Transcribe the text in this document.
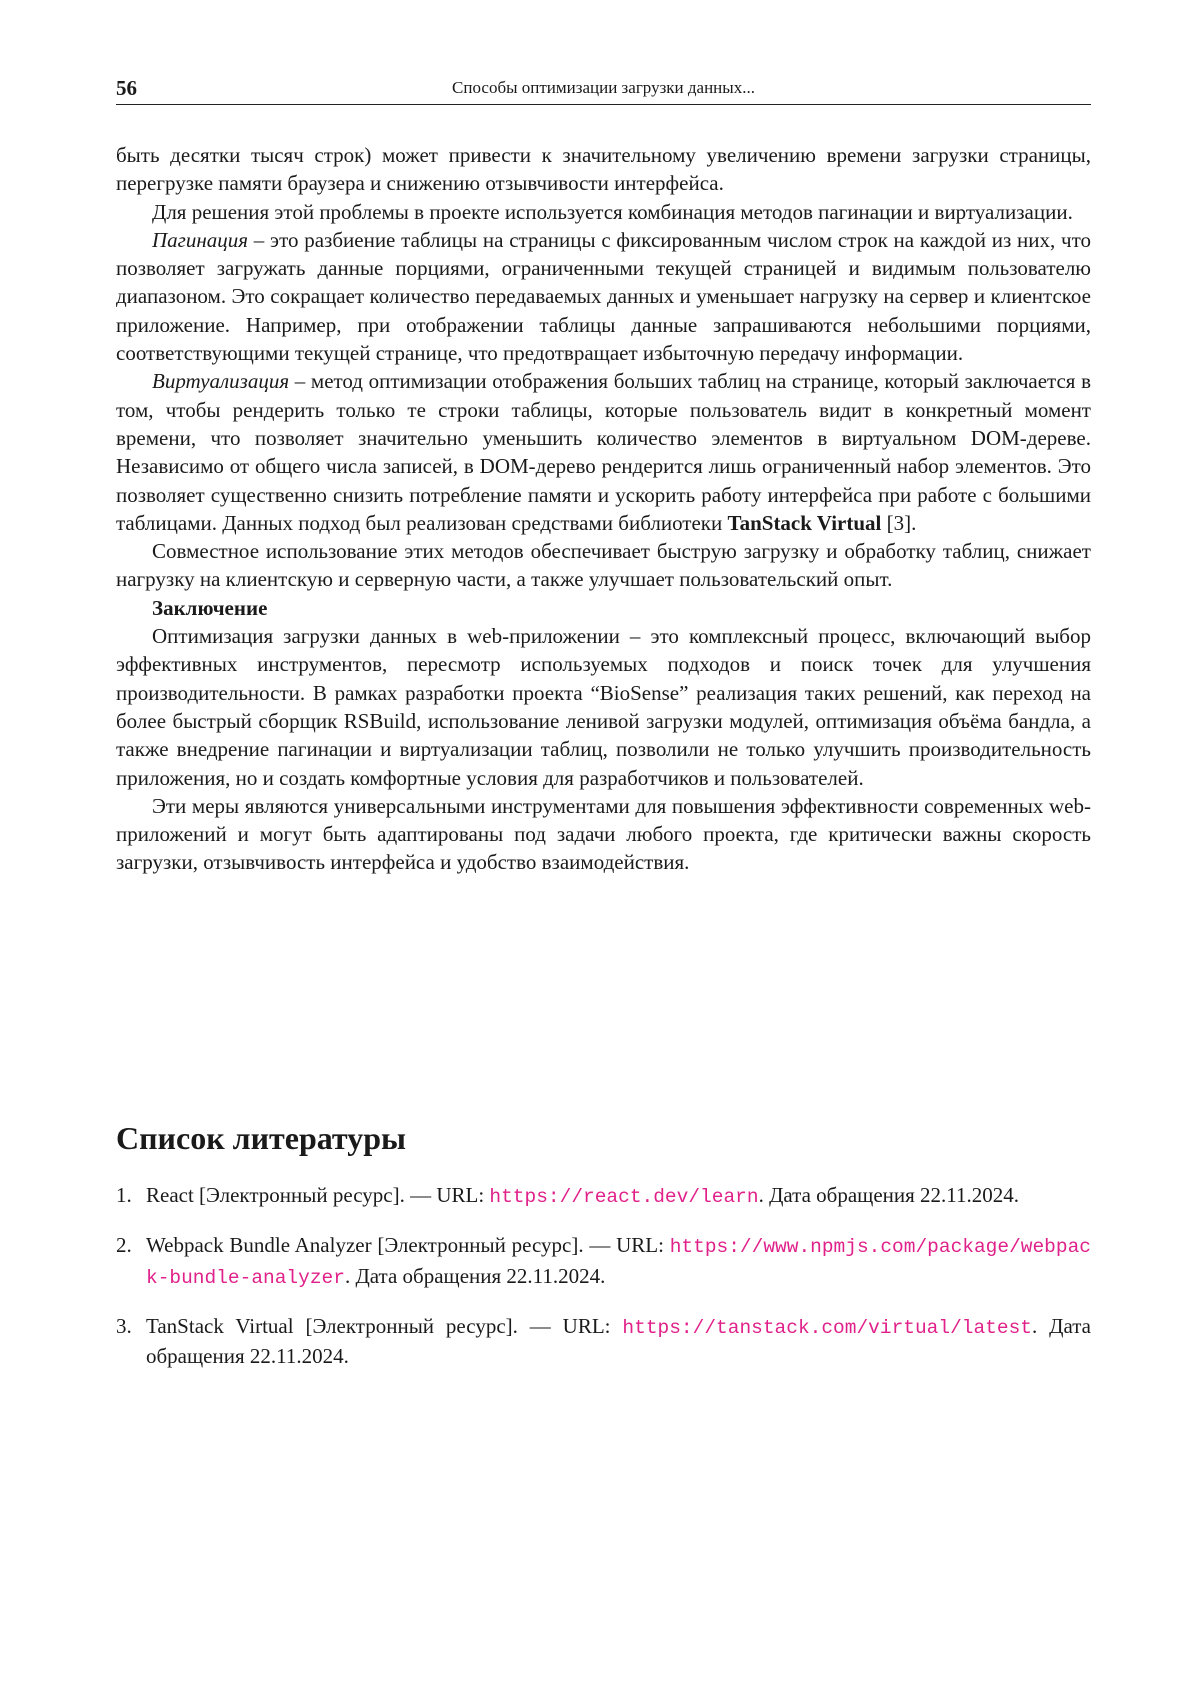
56	Способы оптимизации загрузки данных...

быть десятки тысяч строк) может привести к значительному увеличению времени загрузки страницы, перегрузке памяти браузера и снижению отзывчивости интерфейса.

Для решения этой проблемы в проекте используется комбинация методов пагинации и виртуализации.

Пагинация – это разбиение таблицы на страницы с фиксированным числом строк на каждой из них, что позволяет загружать данные порциями, ограниченными текущей страницей и видимым пользователю диапазоном. Это сокращает количество передаваемых данных и уменьшает нагрузку на сервер и клиентское приложение. Например, при отображении таблицы данные запрашиваются небольшими порциями, соответствующими текущей странице, что предотвращает избыточную передачу информации.

Виртуализация – метод оптимизации отображения больших таблиц на странице, который заключается в том, чтобы рендерить только те строки таблицы, которые пользователь видит в конкретный момент времени, что позволяет значительно уменьшить количество элементов в виртуальном DOM-дереве. Независимо от общего числа записей, в DOM-дерево рендерится лишь ограниченный набор элементов. Это позволяет существенно снизить потребление памяти и ускорить работу интерфейса при работе с большими таблицами. Данных подход был реализован средствами библиотеки TanStack Virtual [3].

Совместное использование этих методов обеспечивает быструю загрузку и обработку таблиц, снижает нагрузку на клиентскую и серверную части, а также улучшает пользовательский опыт.

Заключение

Оптимизация загрузки данных в web-приложении – это комплексный процесс, включающий выбор эффективных инструментов, пересмотр используемых подходов и поиск точек для улучшения производительности. В рамках разработки проекта “BioSense” реализация таких решений, как переход на более быстрый сборщик RSBuild, использование ленивой загрузки модулей, оптимизация объёма бандла, а также внедрение пагинации и виртуализации таблиц, позволили не только улучшить производительность приложения, но и создать комфортные условия для разработчиков и пользователей.

Эти меры являются универсальными инструментами для повышения эффективности современных web-приложений и могут быть адаптированы под задачи любого проекта, где критически важны скорость загрузки, отзывчивость интерфейса и удобство взаимодействия.

Список литературы
1. React [Электронный ресурс]. — URL: https://react.dev/learn. Дата обращения 22.11.2024.
2. Webpack Bundle Analyzer [Электронный ресурс]. — URL: https://www.npmjs.com/package/webpack-bundle-analyzer. Дата обращения 22.11.2024.
3. TanStack Virtual [Электронный ресурс]. — URL: https://tanstack.com/virtual/latest. Дата обращения 22.11.2024.
